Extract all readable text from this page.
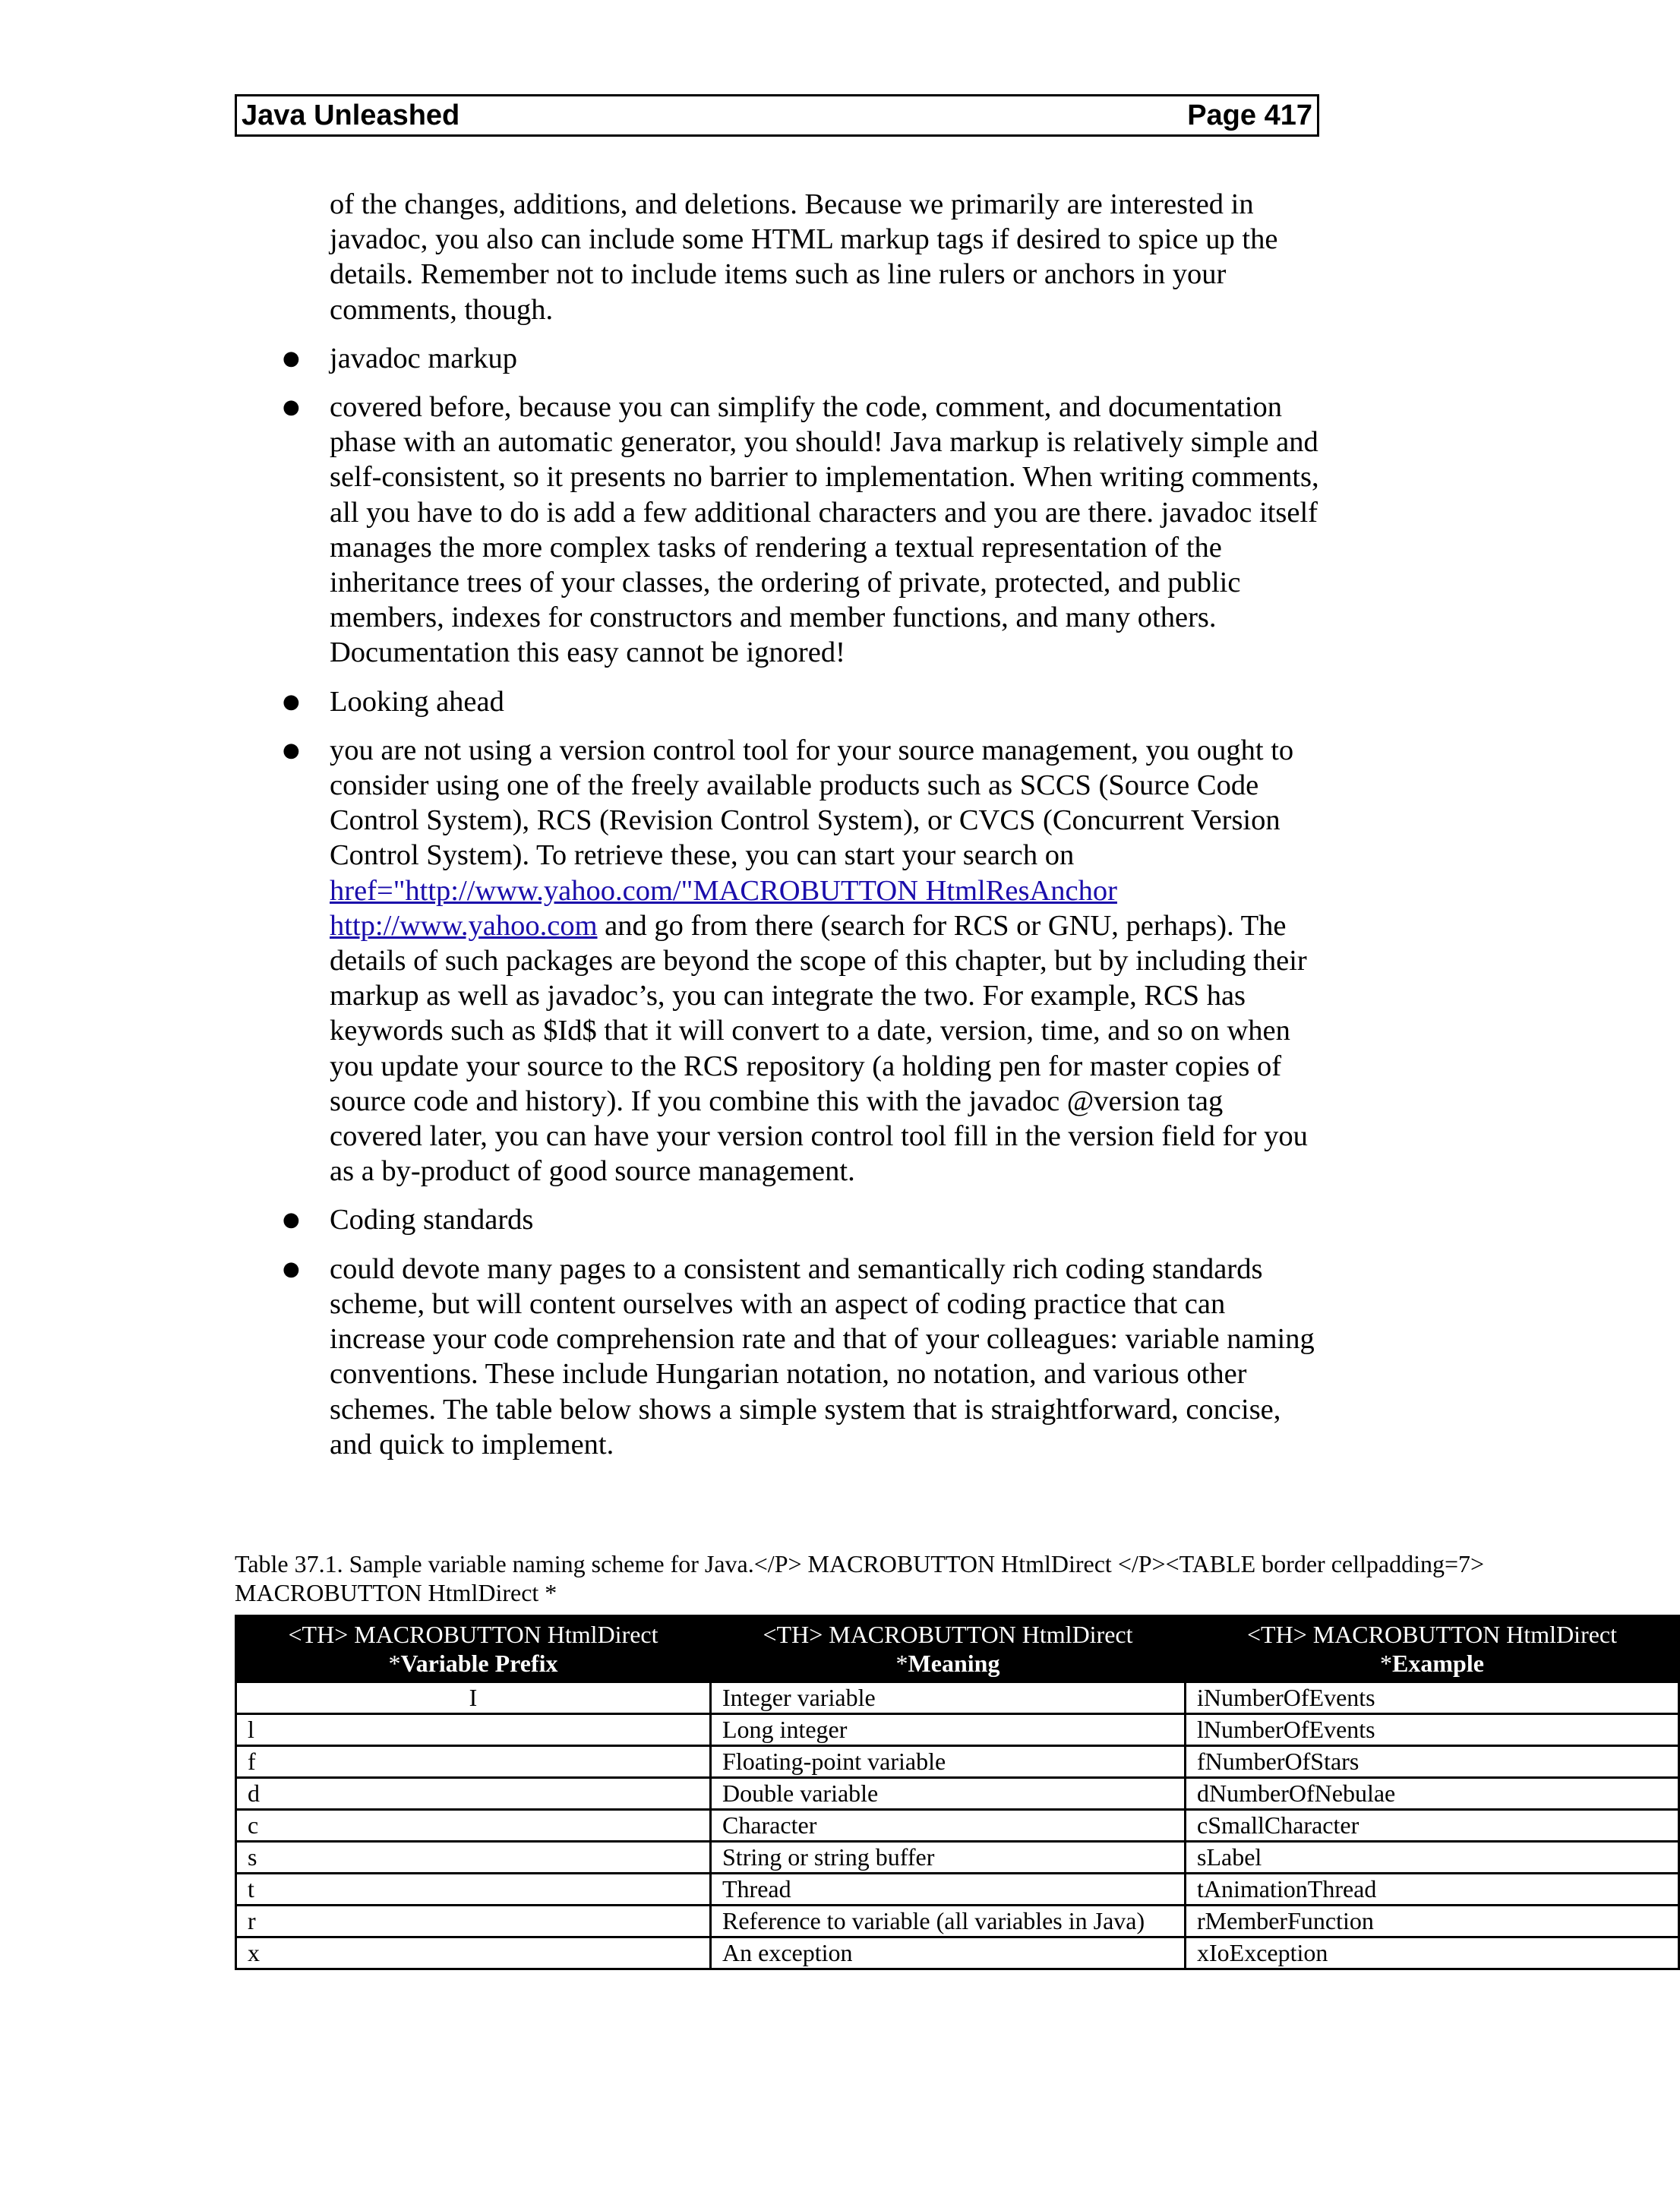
Java Unleashed	Page 417

of the changes, additions, and deletions. Because we primarily are interested in javadoc, you also can include some HTML markup tags if desired to spice up the details. Remember not to include items such as line rulers or anchors in your comments, though.

● javadoc markup
● covered before, because you can simplify the code, comment, and documentation phase with an automatic generator, you should! Java markup is relatively simple and self-consistent, so it presents no barrier to implementation. When writing comments, all you have to do is add a few additional characters and you are there. javadoc itself manages the more complex tasks of rendering a textual representation of the inheritance trees of your classes, the ordering of private, protected, and public members, indexes for constructors and member functions, and many others. Documentation this easy cannot be ignored!
● Looking ahead
● you are not using a version control tool for your source management, you ought to consider using one of the freely available products such as SCCS (Source Code Control System), RCS (Revision Control System), or CVCS (Concurrent Version Control System). To retrieve these, you can start your search on href="http://www.yahoo.com/"MACROBUTTON HtmlResAnchor http://www.yahoo.com and go from there (search for RCS or GNU, perhaps). The details of such packages are beyond the scope of this chapter, but by including their markup as well as javadoc’s, you can integrate the two. For example, RCS has keywords such as $Id$ that it will convert to a date, version, time, and so on when you update your source to the RCS repository (a holding pen for master copies of source code and history). If you combine this with the javadoc @version tag covered later, you can have your version control tool fill in the version field for you as a by-product of good source management.
● Coding standards
● could devote many pages to a consistent and semantically rich coding standards scheme, but will content ourselves with an aspect of coding practice that can increase your code comprehension rate and that of your colleagues: variable naming conventions. These include Hungarian notation, no notation, and various other schemes. The table below shows a simple system that is straightforward, concise, and quick to implement.
Table 37.1. Sample variable naming scheme for Java.</P> MACROBUTTON HtmlDirect </P><TABLE border cellpadding=7> MACROBUTTON HtmlDirect *
<TH> MACROBUTTON HtmlDirect *Variable Prefix	<TH> MACROBUTTON HtmlDirect *Meaning	<TH> MACROBUTTON HtmlDirect *Example
I	Integer variable	iNumberOfEvents
l	Long integer	lNumberOfEvents
f	Floating-point variable	fNumberOfStars
d	Double variable	dNumberOfNebulae
c	Character	cSmallCharacter
s	String or string buffer	sLabel
t	Thread	tAnimationThread
r	Reference to variable (all variables in Java)	rMemberFunction
x	An exception	xIoException
